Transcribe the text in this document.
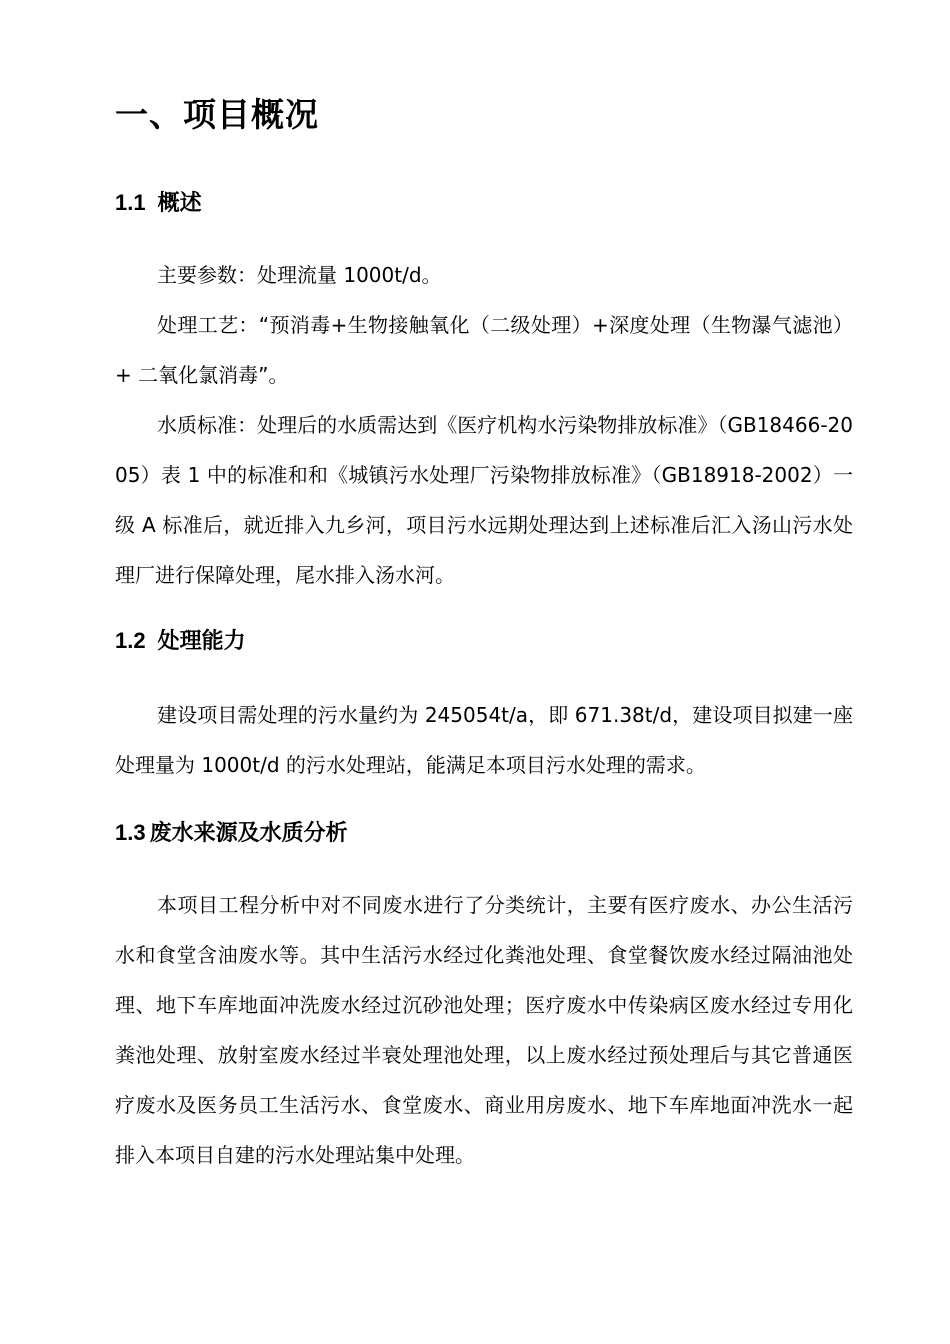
一、项目概况
1.1 概述

主要参数：处理流量 1000t/d。

处理工艺：“预消毒+生物接触氧化（二级处理）+深度处理（生物瀑气滤池）+ 二氧化氯消毒”。

水质标准：处理后的水质需达到《医疗机构水污染物排放标准》（GB18466-2005）表 1 中的标准和和《城镇污水处理厂污染物排放标准》（GB18918-2002）一级 A 标准后，就近排入九乡河，项目污水远期处理达到上述标准后汇入汤山污水处理厂进行保障处理，尾水排入汤水河。

1.2 处理能力

建设项目需处理的污水量约为 245054t/a，即 671.38t/d，建设项目拟建一座处理量为 1000t/d 的污水处理站，能满足本项目污水处理的需求。

1.3 废水来源及水质分析

本项目工程分析中对不同废水进行了分类统计，主要有医疗废水、办公生活污水和食堂含油废水等。其中生活污水经过化粪池处理、食堂餐饮废水经过隔油池处理、地下车库地面冲洗废水经过沉砂池处理；医疗废水中传染病区废水经过专用化粪池处理、放射室废水经过半衰处理池处理，以上废水经过预处理后与其它普通医疗废水及医务员工生活污水、食堂废水、商业用房废水、地下车库地面冲洗水一起排入本项目自建的污水处理站集中处理。
